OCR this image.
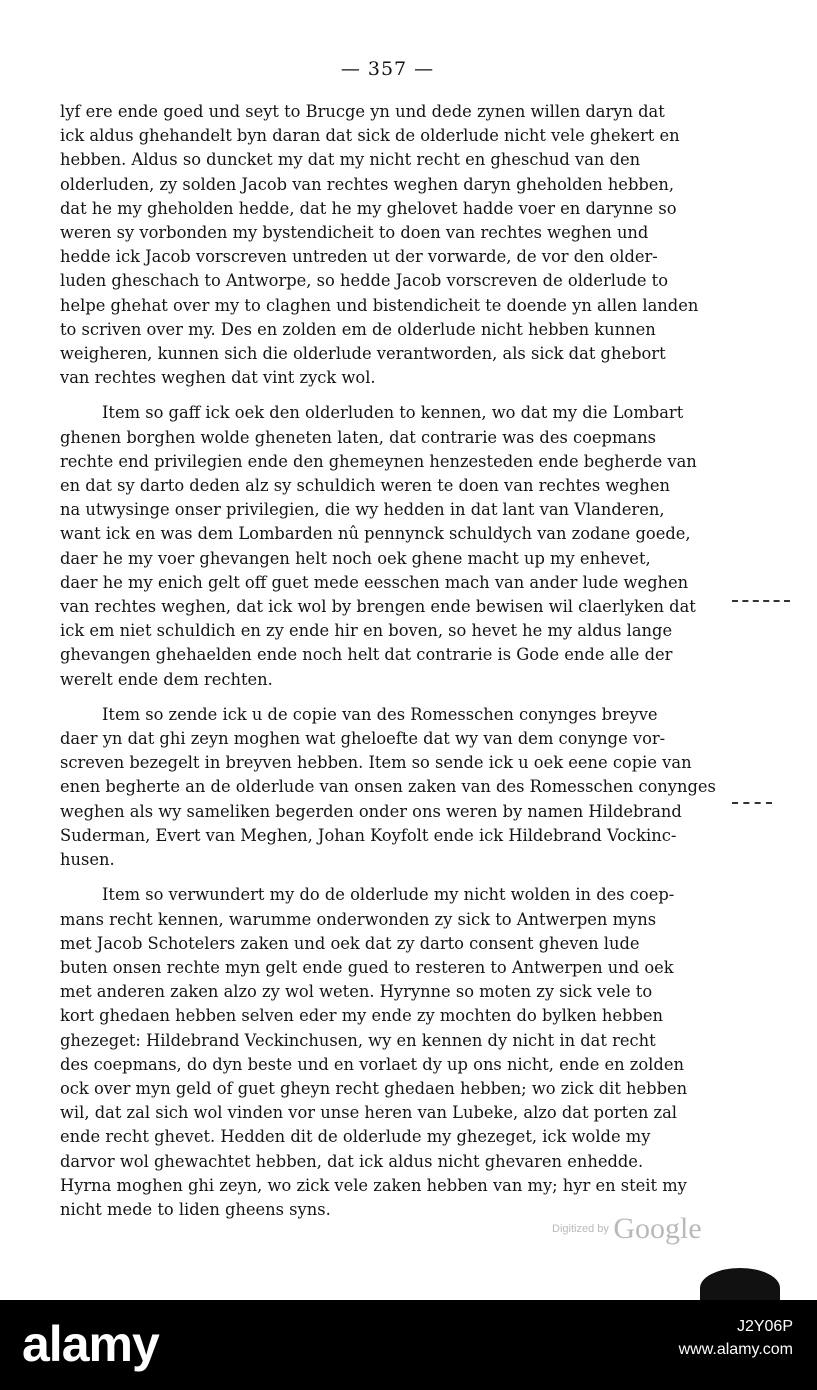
— 357 —
lyf ere ende goed und seyt to Brucge yn und dede zynen willen daryn dat
ick aldus ghehandelt byn daran dat sick de olderlude nicht vele ghekert en
hebben. Aldus so duncket my dat my nicht recht en gheschud van den
olderluden, zy solden Jacob van rechtes weghen daryn gheholden hebben,
dat he my gheholden hedde, dat he my ghelovet hadde voer en darynne so
weren sy vorbonden my bystendicheit to doen van rechtes weghen und
hedde ick Jacob vorscreven untreden ut der vorwarde, de vor den older-
luden gheschach to Antworpe, so hedde Jacob vorscreven de olderlude to
helpe ghehat over my to claghen und bistendicheit te doende yn allen landen
to scriven over my. Des en zolden em de olderlude nicht hebben kunnen
weigheren, kunnen sich die olderlude verantworden, als sick dat ghebort
van rechtes weghen dat vint zyck wol.
Item so gaff ick oek den olderluden to kennen, wo dat my die Lombart
ghenen borghen wolde gheneten laten, dat contrarie was des coepmans
rechte end privilegien ende den ghemeynen henzesteden ende begherde van
en dat sy darto deden alz sy schuldich weren te doen van rechtes weghen
na utwysinge onser privilegien, die wy hedden in dat lant van Vlanderen,
want ick en was dem Lombarden nû pennynck schuldych van zodane goede,
daer he my voer ghevangen helt noch oek ghene macht up my enhevet,
daer he my enich gelt off guet mede eesschen mach van ander lude weghen
van rechtes weghen, dat ick wol by brengen ende bewisen wil claerlyken dat
ick em niet schuldich en zy ende hir en boven, so hevet he my aldus lange
ghevangen ghehaelden ende noch helt dat contrarie is Gode ende alle der
werelt ende dem rechten.
Item so zende ick u de copie van des Romesschen conynges breyve
daer yn dat ghi zeyn moghen wat gheloefte dat wy van dem conynge vor-
screven bezegelt in breyven hebben. Item so sende ick u oek eene copie van
enen begherte an de olderlude van onsen zaken van des Romesschen conynges
weghen als wy sameliken begerden onder ons weren by namen Hildebrand
Suderman, Evert van Meghen, Johan Koyfolt ende ick Hildebrand Vockinc-
husen.
Item so verwundert my do de olderlude my nicht wolden in des coep-
mans recht kennen, warumme onderwonden zy sick to Antwerpen myns
met Jacob Schotelers zaken und oek dat zy darto consent gheven lude
buten onsen rechte myn gelt ende gued to resteren to Antwerpen und oek
met anderen zaken alzo zy wol weten. Hyrynne so moten zy sick vele to
kort ghedaen hebben selven eder my ende zy mochten do bylken hebben
ghezeget: Hildebrand Veckinchusen, wy en kennen dy nicht in dat recht
des coepmans, do dyn beste und en vorlaet dy up ons nicht, ende en zolden
ock over myn geld of guet gheyn recht ghedaen hebben; wo zick dit hebben
wil, dat zal sich wol vinden vor unse heren van Lubeke, alzo dat porten zal
ende recht ghevet. Hedden dit de olderlude my ghezeget, ick wolde my
darvor wol ghewachtet hebben, dat ick aldus nicht ghevaren enhedde.
Hyrna moghen ghi zeyn, wo zick vele zaken hebben van my; hyr en steit my
nicht mede to liden gheens syns.
Digitized by Google
alamy	J2Y06P
www.alamy.com
